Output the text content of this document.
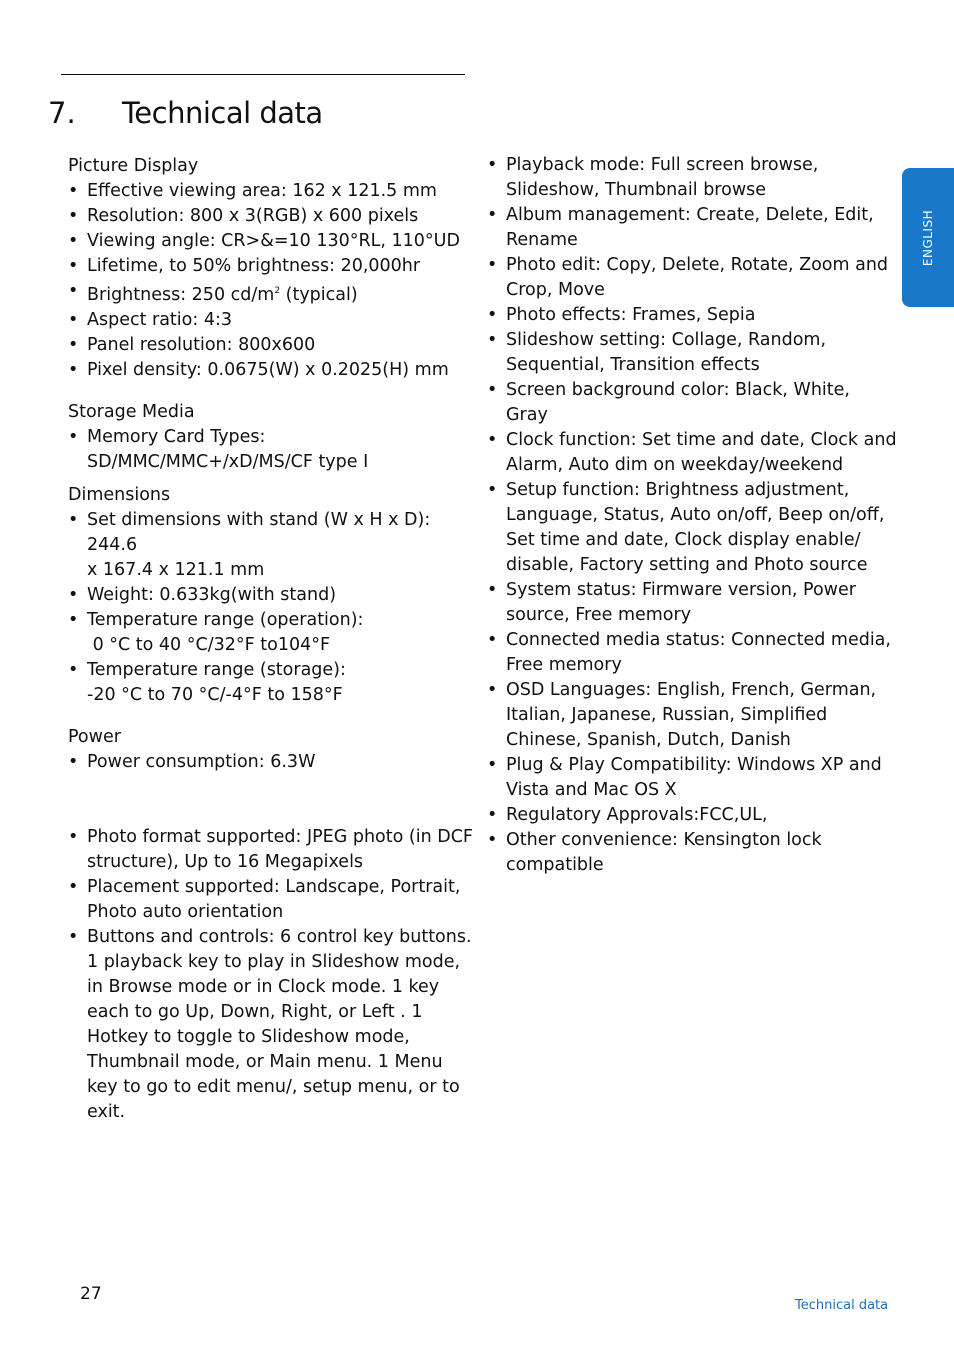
7. Technical data
Picture Display
• Effective viewing area: 162 x 121.5 mm
• Resolution: 800 x 3(RGB) x 600 pixels
• Viewing angle: CR>&=10 130°RL, 110°UD
• Lifetime, to 50% brightness: 20,000hr
• Brightness: 250 $cd/m^2$ (typical)
• Aspect ratio: 4:3
• Panel resolution: 800x600
• Pixel density: 0.0675(W) x 0.2025(H) mm
Storage Media
• Memory Card Types:
SD/MMC/MMC+/xD/MS/CF type I
Dimensions
• Set dimensions with stand (W x H x D): 244.6
x 167.4 x 121.1 mm
• Weight: 0.633kg(with stand)
• Temperature range (operation):
0 °C to 40 °C/32°F to104°F
• Temperature range (storage):
-20 °C to 70 °C/-4°F to 158°F
Power
• Power consumption: 6.3W
• Photo format supported: JPEG photo (in DCF structure), Up to 16 Megapixels
• Placement supported: Landscape, Portrait, Photo auto orientation
• Buttons and controls: 6 control key buttons. 1 playback key to play in Slideshow mode, in Browse mode or in Clock mode. 1 key each to go Up, Down, Right, or Left . 1 Hotkey to toggle to Slideshow mode, Thumbnail mode, or Main menu. 1 Menu key to go to edit menu/, setup menu, or to exit.
• Playback mode: Full screen browse, Slideshow, Thumbnail browse
• Album management: Create, Delete, Edit, Rename
• Photo edit: Copy, Delete, Rotate, Zoom and Crop, Move
• Photo effects: Frames, Sepia
• Slideshow setting: Collage, Random, Sequential, Transition effects
• Screen background color: Black, White, Gray
• Clock function: Set time and date, Clock and Alarm, Auto dim on weekday/weekend
• Setup function: Brightness adjustment, Language, Status, Auto on/off, Beep on/off, Set time and date, Clock display enable/ disable, Factory setting and Photo source
• System status: Firmware version, Power source, Free memory
• Connected media status: Connected media, Free memory
• OSD Languages: English, French, German, Italian, Japanese, Russian, Simplified Chinese, Spanish, Dutch, Danish
• Plug & Play Compatibility: Windows XP and Vista and Mac OS X
• Regulatory Approvals:FCC,UL,
• Other convenience: Kensington lock compatible
ENGLISH
27
Technical data
